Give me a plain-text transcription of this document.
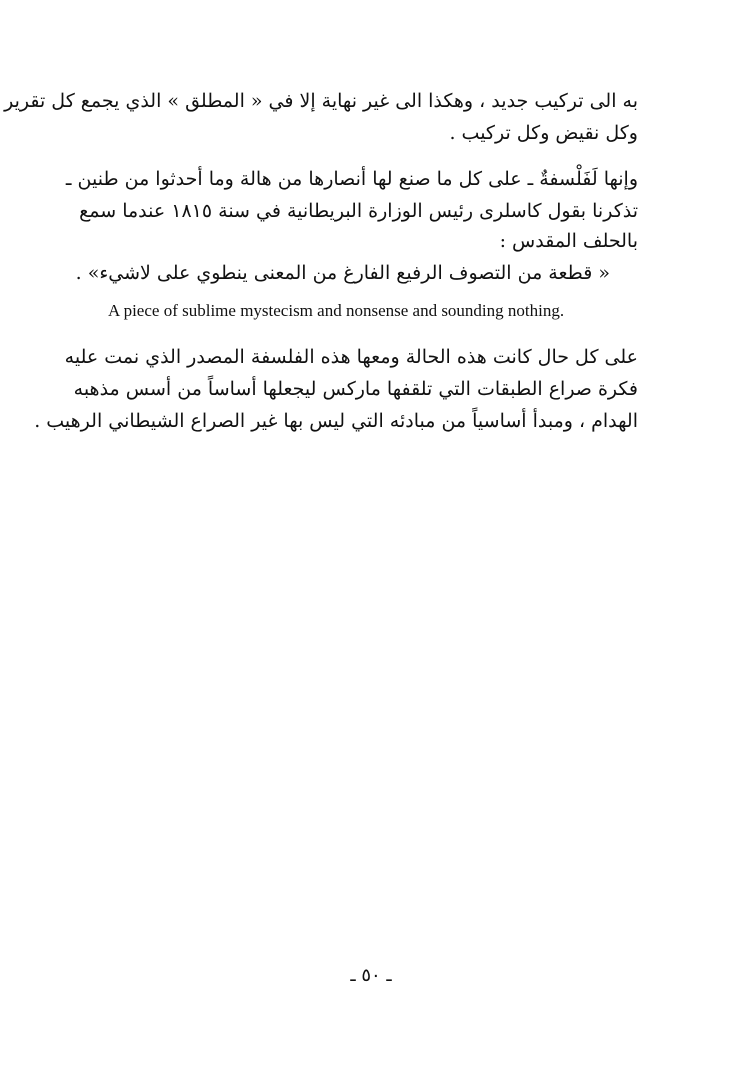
به الى تركيب جديد ، وهكذا الى غير نهاية إلا في « المطلق » الذي يجمع كل تقرير
وكل نقيض وكل تركيب .
وإنها لَفَلْسفةٌ ـ على كل ما صنع لها أنصارها من هالة وما أحدثوا من طنين ـ
تذكرنا بقول كاسلرى رئيس الوزارة البريطانية في سنة ١٨١٥ عندما سمع
بالحلف المقدس :
« قطعة من التصوف الرفيع الفارغ من المعنى ينطوي على لاشيء» .
A piece of sublime mystecism and nonsense and sounding nothing.
على كل حال كانت هذه الحالة ومعها هذه الفلسفة المصدر الذي نمت عليه
فكرة صراع الطبقات التي تلقفها ماركس ليجعلها أساساً من أسس مذهبه
الهدام ، ومبدأ أساسياً من مبادئه التي ليس بها غير الصراع الشيطاني الرهيب .
ـ ٥٠ ـ
